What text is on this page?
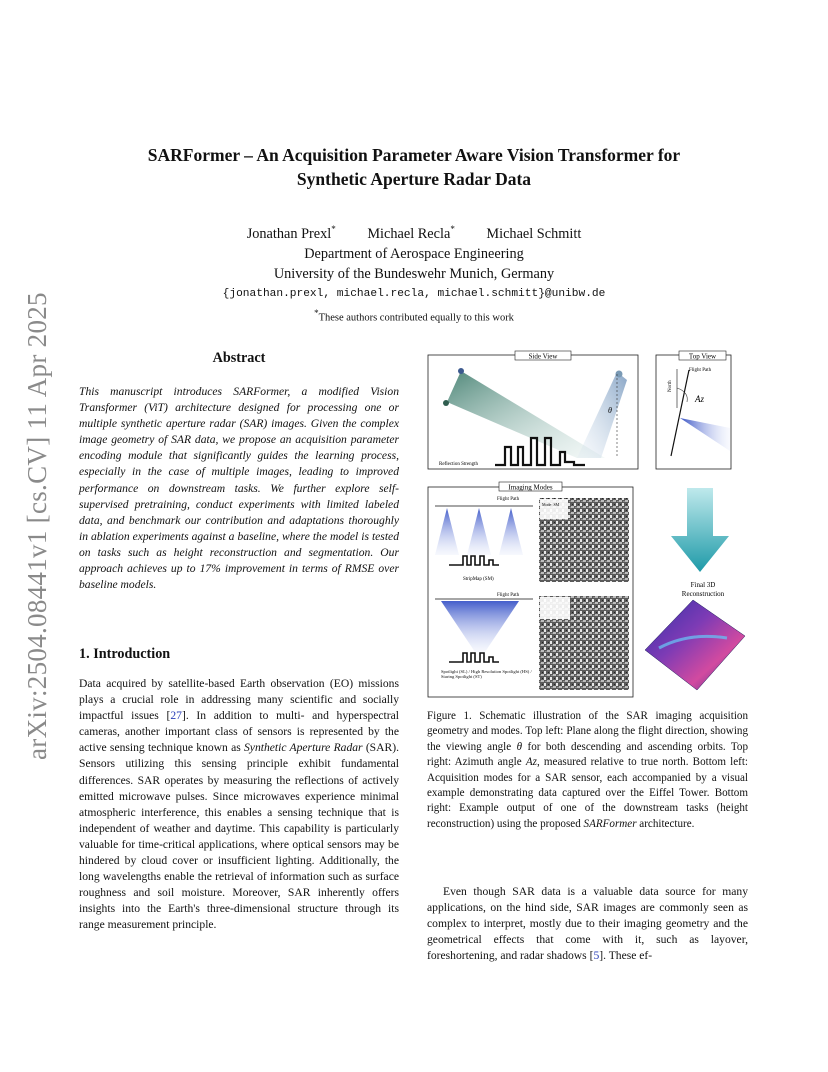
arXiv:2504.08441v1 [cs.CV] 11 Apr 2025
SARFormer – An Acquisition Parameter Aware Vision Transformer for
Synthetic Aperture Radar Data
Jonathan Prexl* Michael Recla* Michael Schmitt
Department of Aerospace Engineering
University of the Bundeswehr Munich, Germany
{jonathan.prexl, michael.recla, michael.schmitt}@unibw.de
*These authors contributed equally to this work
Abstract
This manuscript introduces SARFormer, a modified Vision Transformer (ViT) architecture designed for processing one or multiple synthetic aperture radar (SAR) images. Given the complex image geometry of SAR data, we propose an acquisition parameter encoding module that significantly guides the learning process, especially in the case of multiple images, leading to improved performance on downstream tasks. We further explore self-supervised pretraining, conduct experiments with limited labeled data, and benchmark our contribution and adaptations thoroughly in ablation experiments against a baseline, where the model is tested on tasks such as height reconstruction and segmentation. Our approach achieves up to 17% improvement in terms of RMSE over baseline models.
1. Introduction
Data acquired by satellite-based Earth observation (EO) missions plays a crucial role in addressing many scientific and socially impactful issues [27]. In addition to multi- and hyperspectral cameras, another important class of sensors is represented by the active sensing technique known as Synthetic Aperture Radar (SAR). Sensors utilizing this sensing principle exhibit fundamental differences. SAR operates by measuring the reflections of actively emitted microwave pulses. Since microwaves experience minimal atmospheric interference, this enables a sensing technique that is independent of weather and daytime. This capability is particularly valuable for time-critical applications, where optical sensors may be hindered by cloud cover or insufficient lighting. Additionally, the long wavelengths enable the retrieval of information such as surface roughness and soil moisture. Moreover, SAR inherently offers insights into the Earth's three-dimensional structure through its range measurement principle.
Side View
θ
Reflection Strength
Top View
North
Flight Path
Az
Imaging Modes
Flight Path
StripMap (SM)
Mode: SM
Flight Path
Spotlight (SL) / High Resolution Spotlight (HS) / Staring Spotlight (ST)
Final 3D
Reconstruction
Figure 1. Schematic illustration of the SAR imaging acquisition geometry and modes. Top left: Plane along the flight direction, showing the viewing angle θ for both descending and ascending orbits. Top right: Azimuth angle Az, measured relative to true north. Bottom left: Acquisition modes for a SAR sensor, each accompanied by a visual example demonstrating data captured over the Eiffel Tower. Bottom right: Example output of one of the downstream tasks (height reconstruction) using the proposed SARFormer architecture.
Even though SAR data is a valuable data source for many applications, on the hind side, SAR images are commonly seen as complex to interpret, mostly due to their imaging geometry and the geometrical effects that come with it, such as layover, foreshortening, and radar shadows [5]. These ef-
